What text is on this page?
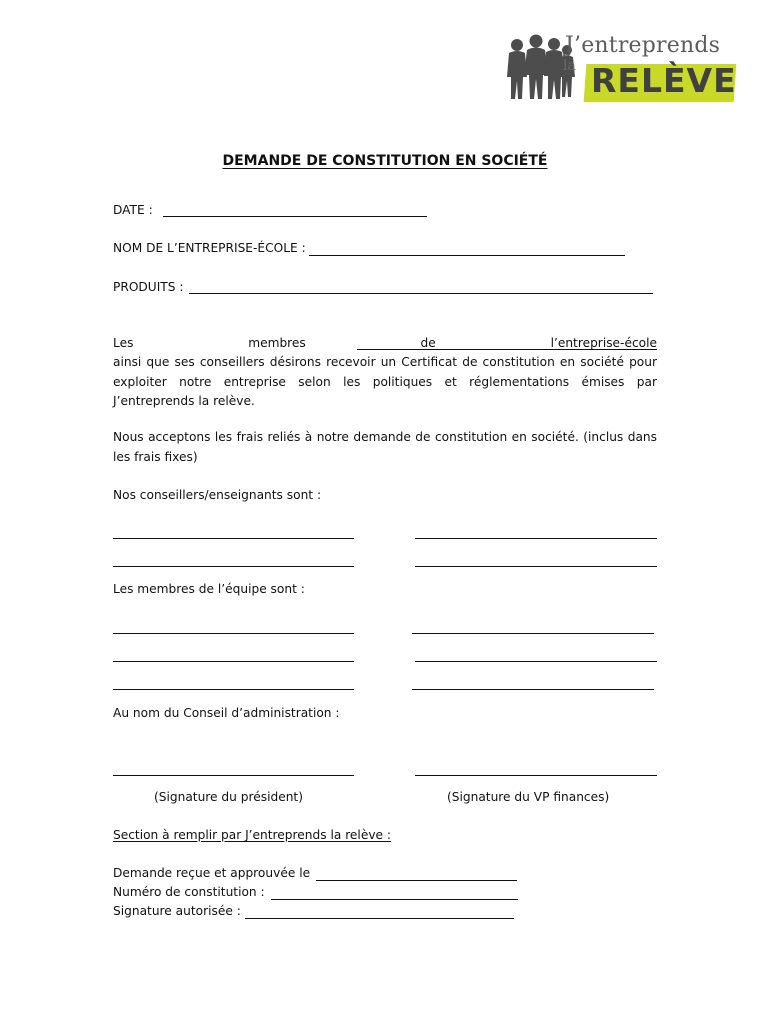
J’entreprends
la RELÈVE
DEMANDE DE CONSTITUTION EN SOCIÉTÉ
DATE :
NOM DE L’ENTREPRISE-ÉCOLE :
PRODUITS :
Les membres de l’entreprise-école
ainsi que ses conseillers désirons recevoir un Certificat de constitution en société pour exploiter notre entreprise selon les politiques et réglementations émises par J’entreprends la relève.
Nous acceptons les frais reliés à notre demande de constitution en société. (inclus dans les frais fixes)
Nos conseillers/enseignants sont :
Les membres de l’équipe sont :
Au nom du Conseil d’administration :
(Signature du président)	(Signature du VP finances)
Section à remplir par J’entreprends la relève :
Demande reçue et approuvée le
Numéro de constitution :
Signature autorisée :
